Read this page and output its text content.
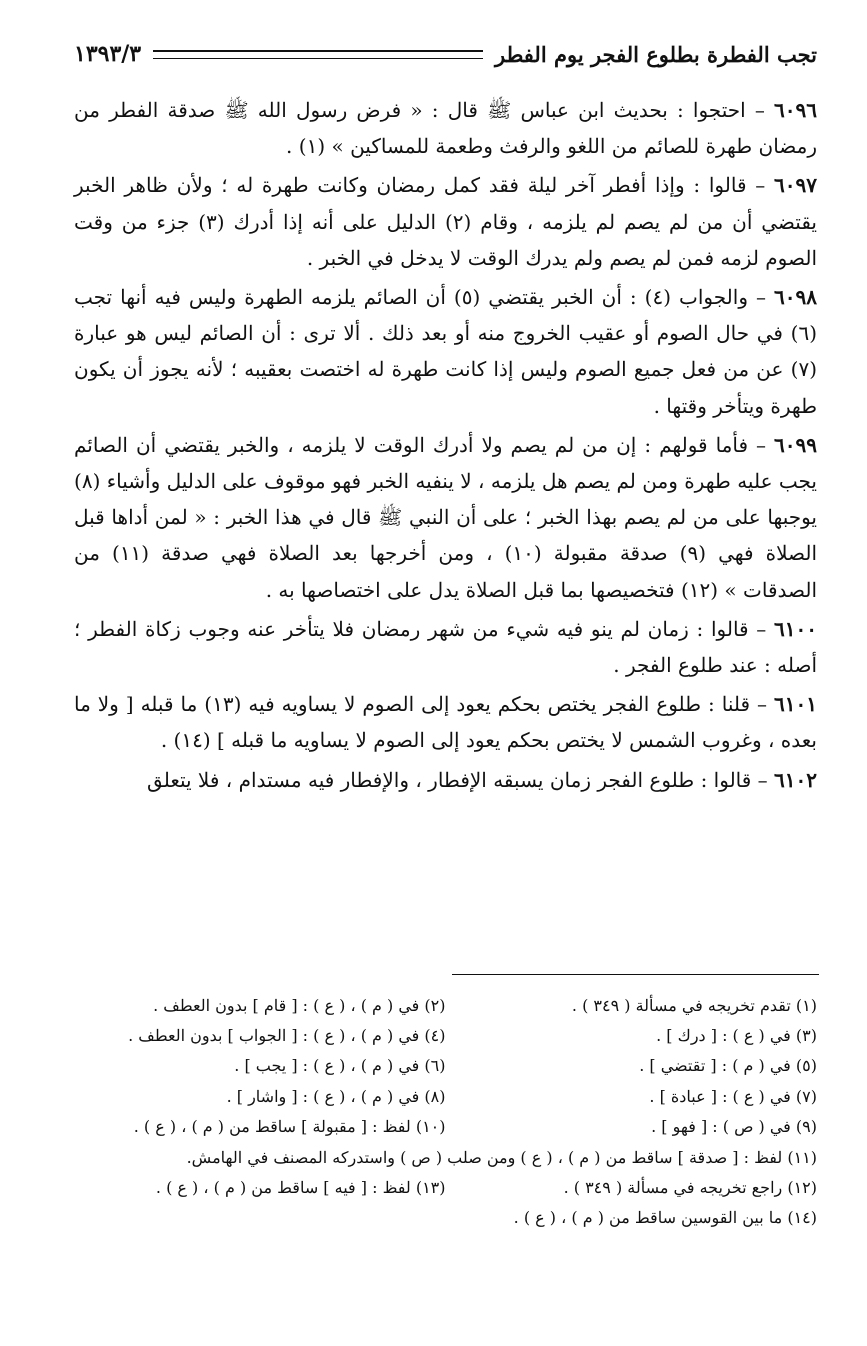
تجب الفطرة بطلوع الفجر يوم الفطر
١٣٩٣/٣

٦٠٩٦ – احتجوا : بحديث ابن عباس ﷺ قال : « فرض رسول الله ﷺ صدقة الفطر من رمضان طهرة للصائم من اللغو والرفث وطعمة للمساكين » (١) .

٦٠٩٧ – قالوا : وإذا أفطر آخر ليلة فقد كمل رمضان وكانت طهرة له ؛ ولأن ظاهر الخبر يقتضي أن من لم يصم لم يلزمه ، وقام (٢) الدليل على أنه إذا أدرك (٣) جزء من وقت الصوم لزمه فمن لم يصم ولم يدرك الوقت لا يدخل في الخبر .

٦٠٩٨ – والجواب (٤) : أن الخبر يقتضي (٥) أن الصائم يلزمه الطهرة وليس فيه أنها تجب (٦) في حال الصوم أو عقيب الخروج منه أو بعد ذلك . ألا ترى : أن الصائم ليس هو عبارة (٧) عن من فعل جميع الصوم وليس إذا كانت طهرة له اختصت بعقيبه ؛ لأنه يجوز أن يكون طهرة ويتأخر وقتها .

٦٠٩٩ – فأما قولهم : إن من لم يصم ولا أدرك الوقت لا يلزمه ، والخبر يقتضي أن الصائم يجب عليه طهرة ومن لم يصم هل يلزمه ، لا ينفيه الخبر فهو موقوف على الدليل وأشياء (٨) يوجبها على من لم يصم بهذا الخبر ؛ على أن النبي ﷺ قال في هذا الخبر : « لمن أداها قبل الصلاة فهي (٩) صدقة مقبولة (١٠) ، ومن أخرجها بعد الصلاة فهي صدقة (١١) من الصدقات » (١٢) فتخصيصها بما قبل الصلاة يدل على اختصاصها به .

٦١٠٠ – قالوا : زمان لم ينو فيه شيء من شهر رمضان فلا يتأخر عنه وجوب زكاة الفطر ؛ أصله : عند طلوع الفجر .

٦١٠١ – قلنا : طلوع الفجر يختص بحكم يعود إلى الصوم لا يساويه فيه (١٣) ما قبله [ ولا ما بعده ، وغروب الشمس لا يختص بحكم يعود إلى الصوم لا يساويه ما قبله ] (١٤) .

٦١٠٢ – قالوا : طلوع الفجر زمان يسبقه الإفطار ، والإفطار فيه مستدام ، فلا يتعلق

(١) تقدم تخريجه في مسألة ( ٣٤٩ ) .
(٢) في ( م ) ، ( ع ) : [ قام ] بدون العطف .
(٣) في ( ع ) : [ درك ] .
(٤) في ( م ) ، ( ع ) : [ الجواب ] بدون العطف .
(٥) في ( م ) : [ تقتضي ] .
(٦) في ( م ) ، ( ع ) : [ يجب ] .
(٧) في ( ع ) : [ عبادة ] .
(٨) في ( م ) ، ( ع ) : [ واشار ] .
(٩) في ( ص ) : [ فهو ] .
(١٠) لفظ : [ مقبولة ] ساقط من ( م ) ، ( ع ) .
(١١) لفظ : [ صدقة ] ساقط من ( م ) ، ( ع ) ومن صلب ( ص ) واستدركه المصنف في الهامش.
(١٢) راجع تخريجه في مسألة ( ٣٤٩ ) .
(١٣) لفظ : [ فيه ] ساقط من ( م ) ، ( ع ) .
(١٤) ما بين القوسين ساقط من ( م ) ، ( ع ) .
